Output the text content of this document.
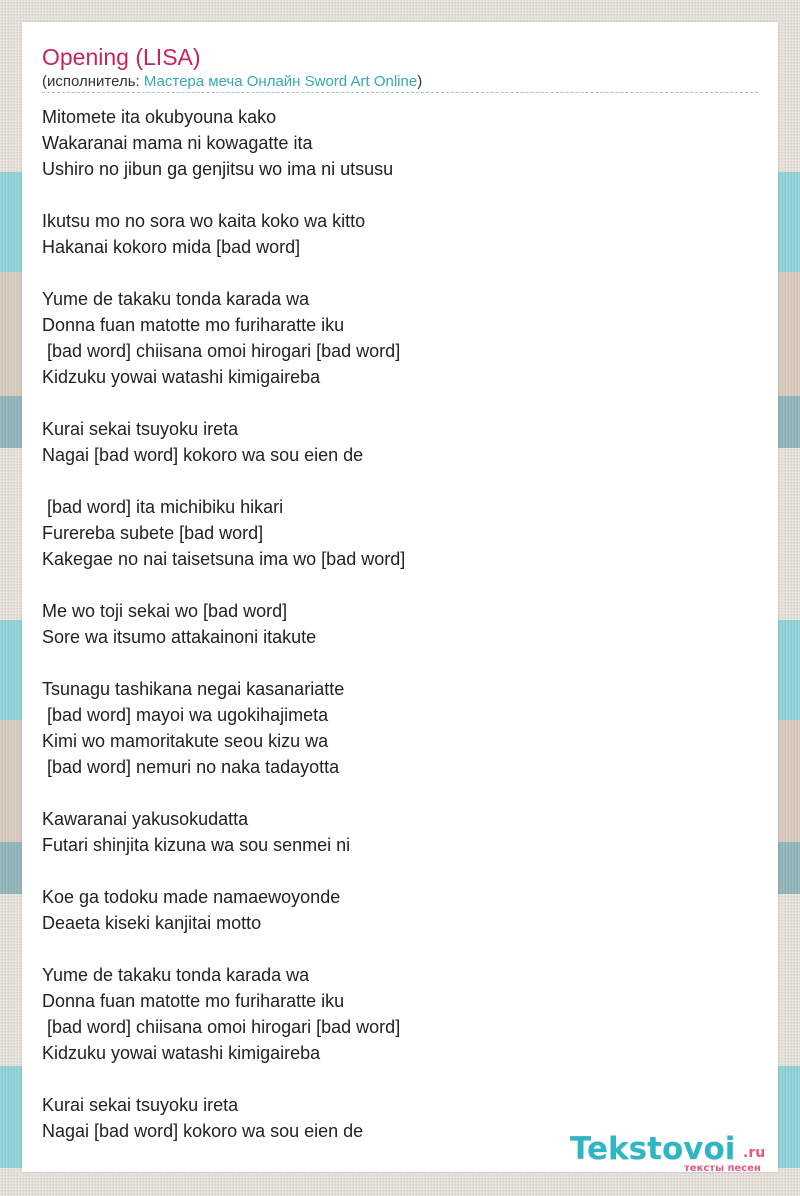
Opening (LISA)
(исполнитель: Мастера меча Онлайн Sword Art Online)
Mitomete ita okubyouna kako
Wakaranai mama ni kowagatte ita
Ushiro no jibun ga genjitsu wo ima ni utsusu
Ikutsu mo no sora wo kaita koko wa kitto
Hakanai kokoro mida [bad word]
Yume de takaku tonda karada wa
Donna fuan matotte mo furiharatte iku
[bad word] chiisana omoi hirogari [bad word]
Kidzuku yowai watashi kimigaireba
Kurai sekai tsuyoku ireta
Nagai [bad word] kokoro wa sou eien de
[bad word] ita michibiku hikari
Furereba subete [bad word]
Kakegae no nai taisetsuna ima wo [bad word]
Me wo toji sekai wo [bad word]
Sore wa itsumo attakainoni itakute
Tsunagu tashikana negai kasanariatte
[bad word] mayoi wa ugokihajimeta
Kimi wo mamoritakute seou kizu wa
[bad word] nemuri no naka tadayotta
Kawaranai yakusokudatta
Futari shinjita kizuna wa sou senmei ni
Koe ga todoku made namaewoyonde
Deaeta kiseki kanjitai motto
Yume de takaku tonda karada wa
Donna fuan matotte mo furiharatte iku
[bad word] chiisana omoi hirogari [bad word]
Kidzuku yowai watashi kimigaireba
Kurai sekai tsuyoku ireta
Nagai [bad word] kokoro wa sou eien de	Tekstovoi .ru
тексты песен
